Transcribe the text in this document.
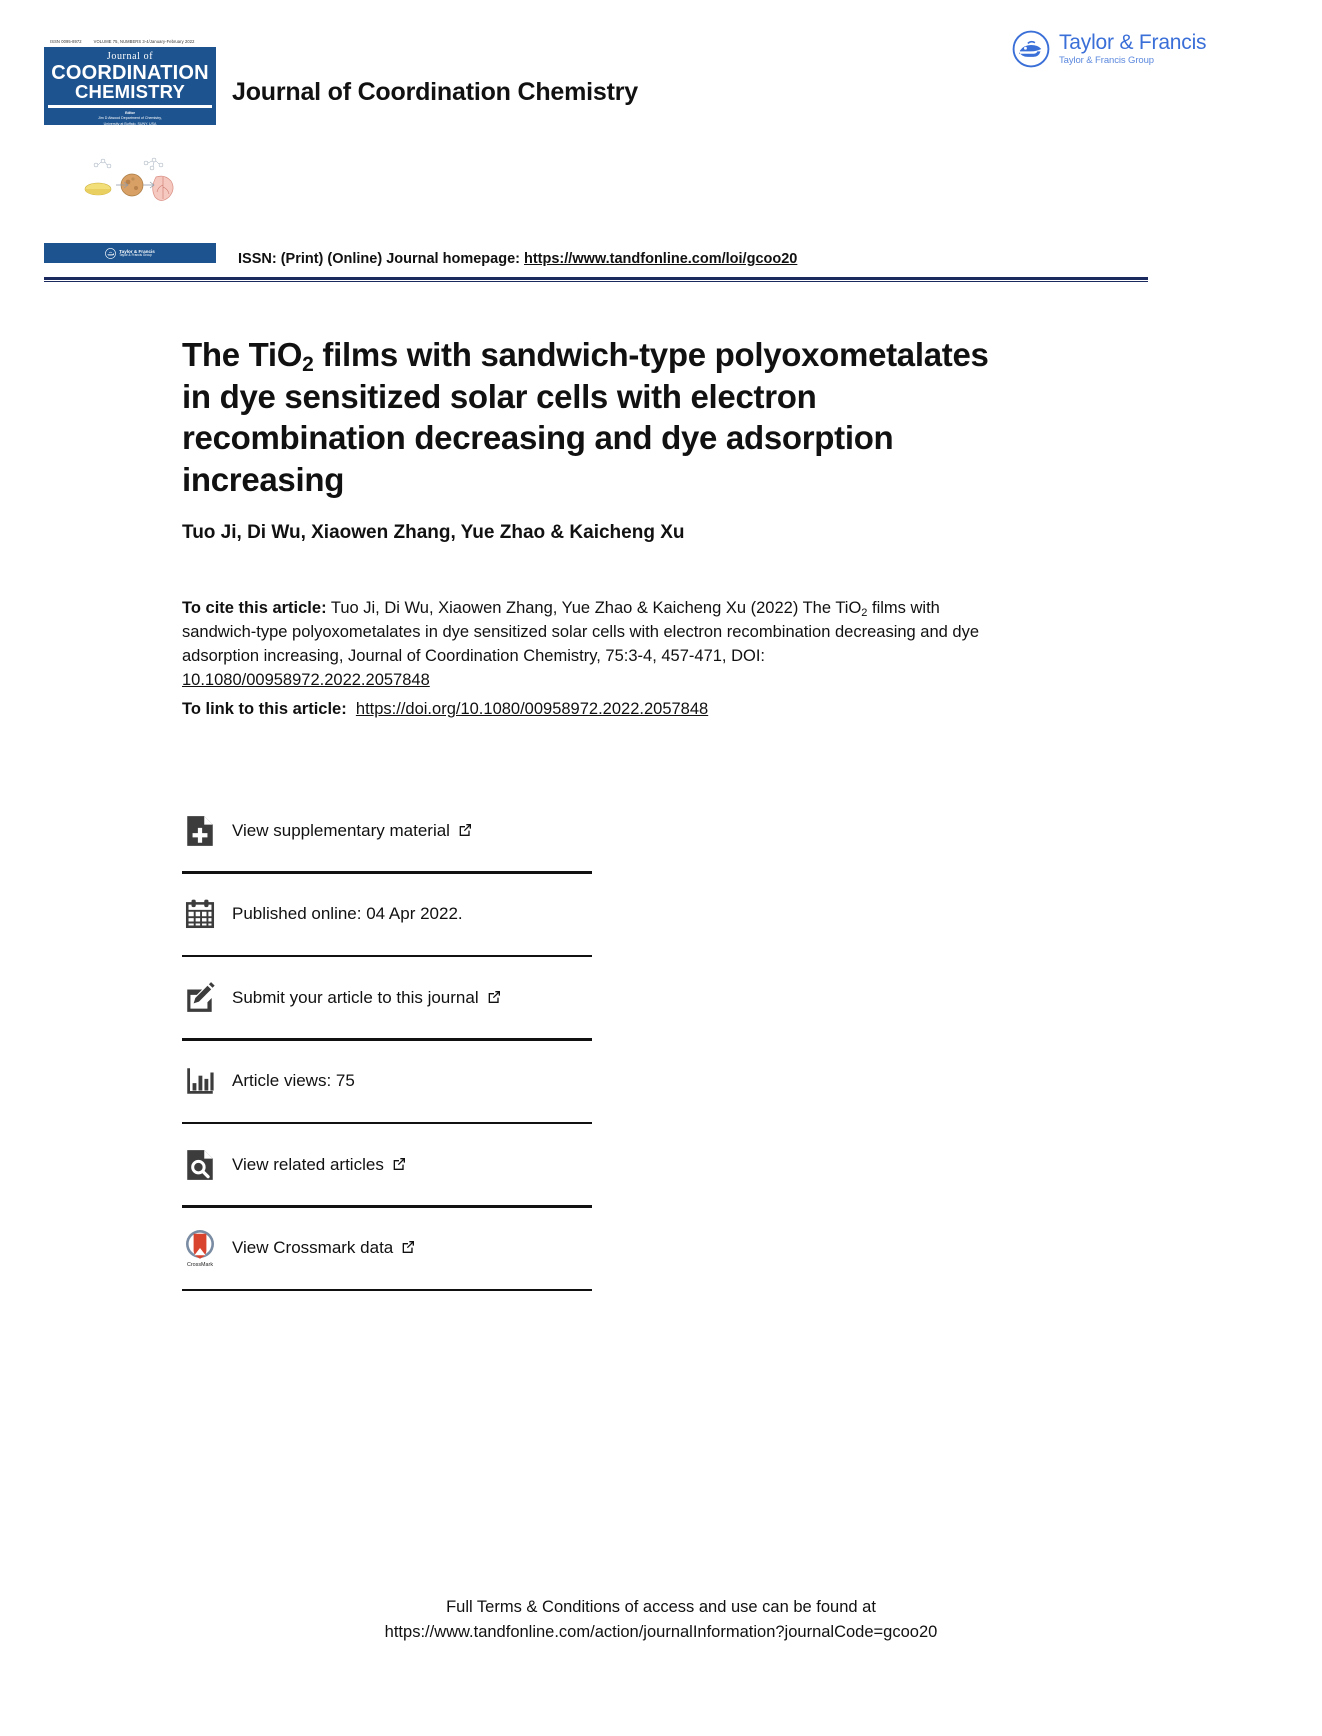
ISSN 0095-8972	VOLUME 75, NUMBERS 3-4/January-February 2022
Journal of
COORDINATION
CHEMISTRY
Editor
Jim D Atwood Department of Chemistry,
University at Buffalo, SUNY, USA
Taylor & Francis
Taylor & Francis Group
Journal of Coordination Chemistry
Taylor & Francis
Taylor & Francis Group
ISSN: (Print) (Online) Journal homepage: https://www.tandfonline.com/loi/gcoo20
The TiO$_2$ films with sandwich-type polyoxometalates in dye sensitized solar cells with electron recombination decreasing and dye adsorption increasing
Tuo Ji, Di Wu, Xiaowen Zhang, Yue Zhao & Kaicheng Xu
To cite this article: Tuo Ji, Di Wu, Xiaowen Zhang, Yue Zhao & Kaicheng Xu (2022) The TiO$_2$ films with sandwich-type polyoxometalates in dye sensitized solar cells with electron recombination decreasing and dye adsorption increasing, Journal of Coordination Chemistry, 75:3-4, 457-471, DOI: 10.1080/00958972.2022.2057848
To link to this article: https://doi.org/10.1080/00958972.2022.2057848
View supplementary material
Published online: 04 Apr 2022.
Submit your article to this journal
Article views: 75
View related articles
CrossMark
View Crossmark data
Full Terms & Conditions of access and use can be found at
https://www.tandfonline.com/action/journalInformation?journalCode=gcoo20
